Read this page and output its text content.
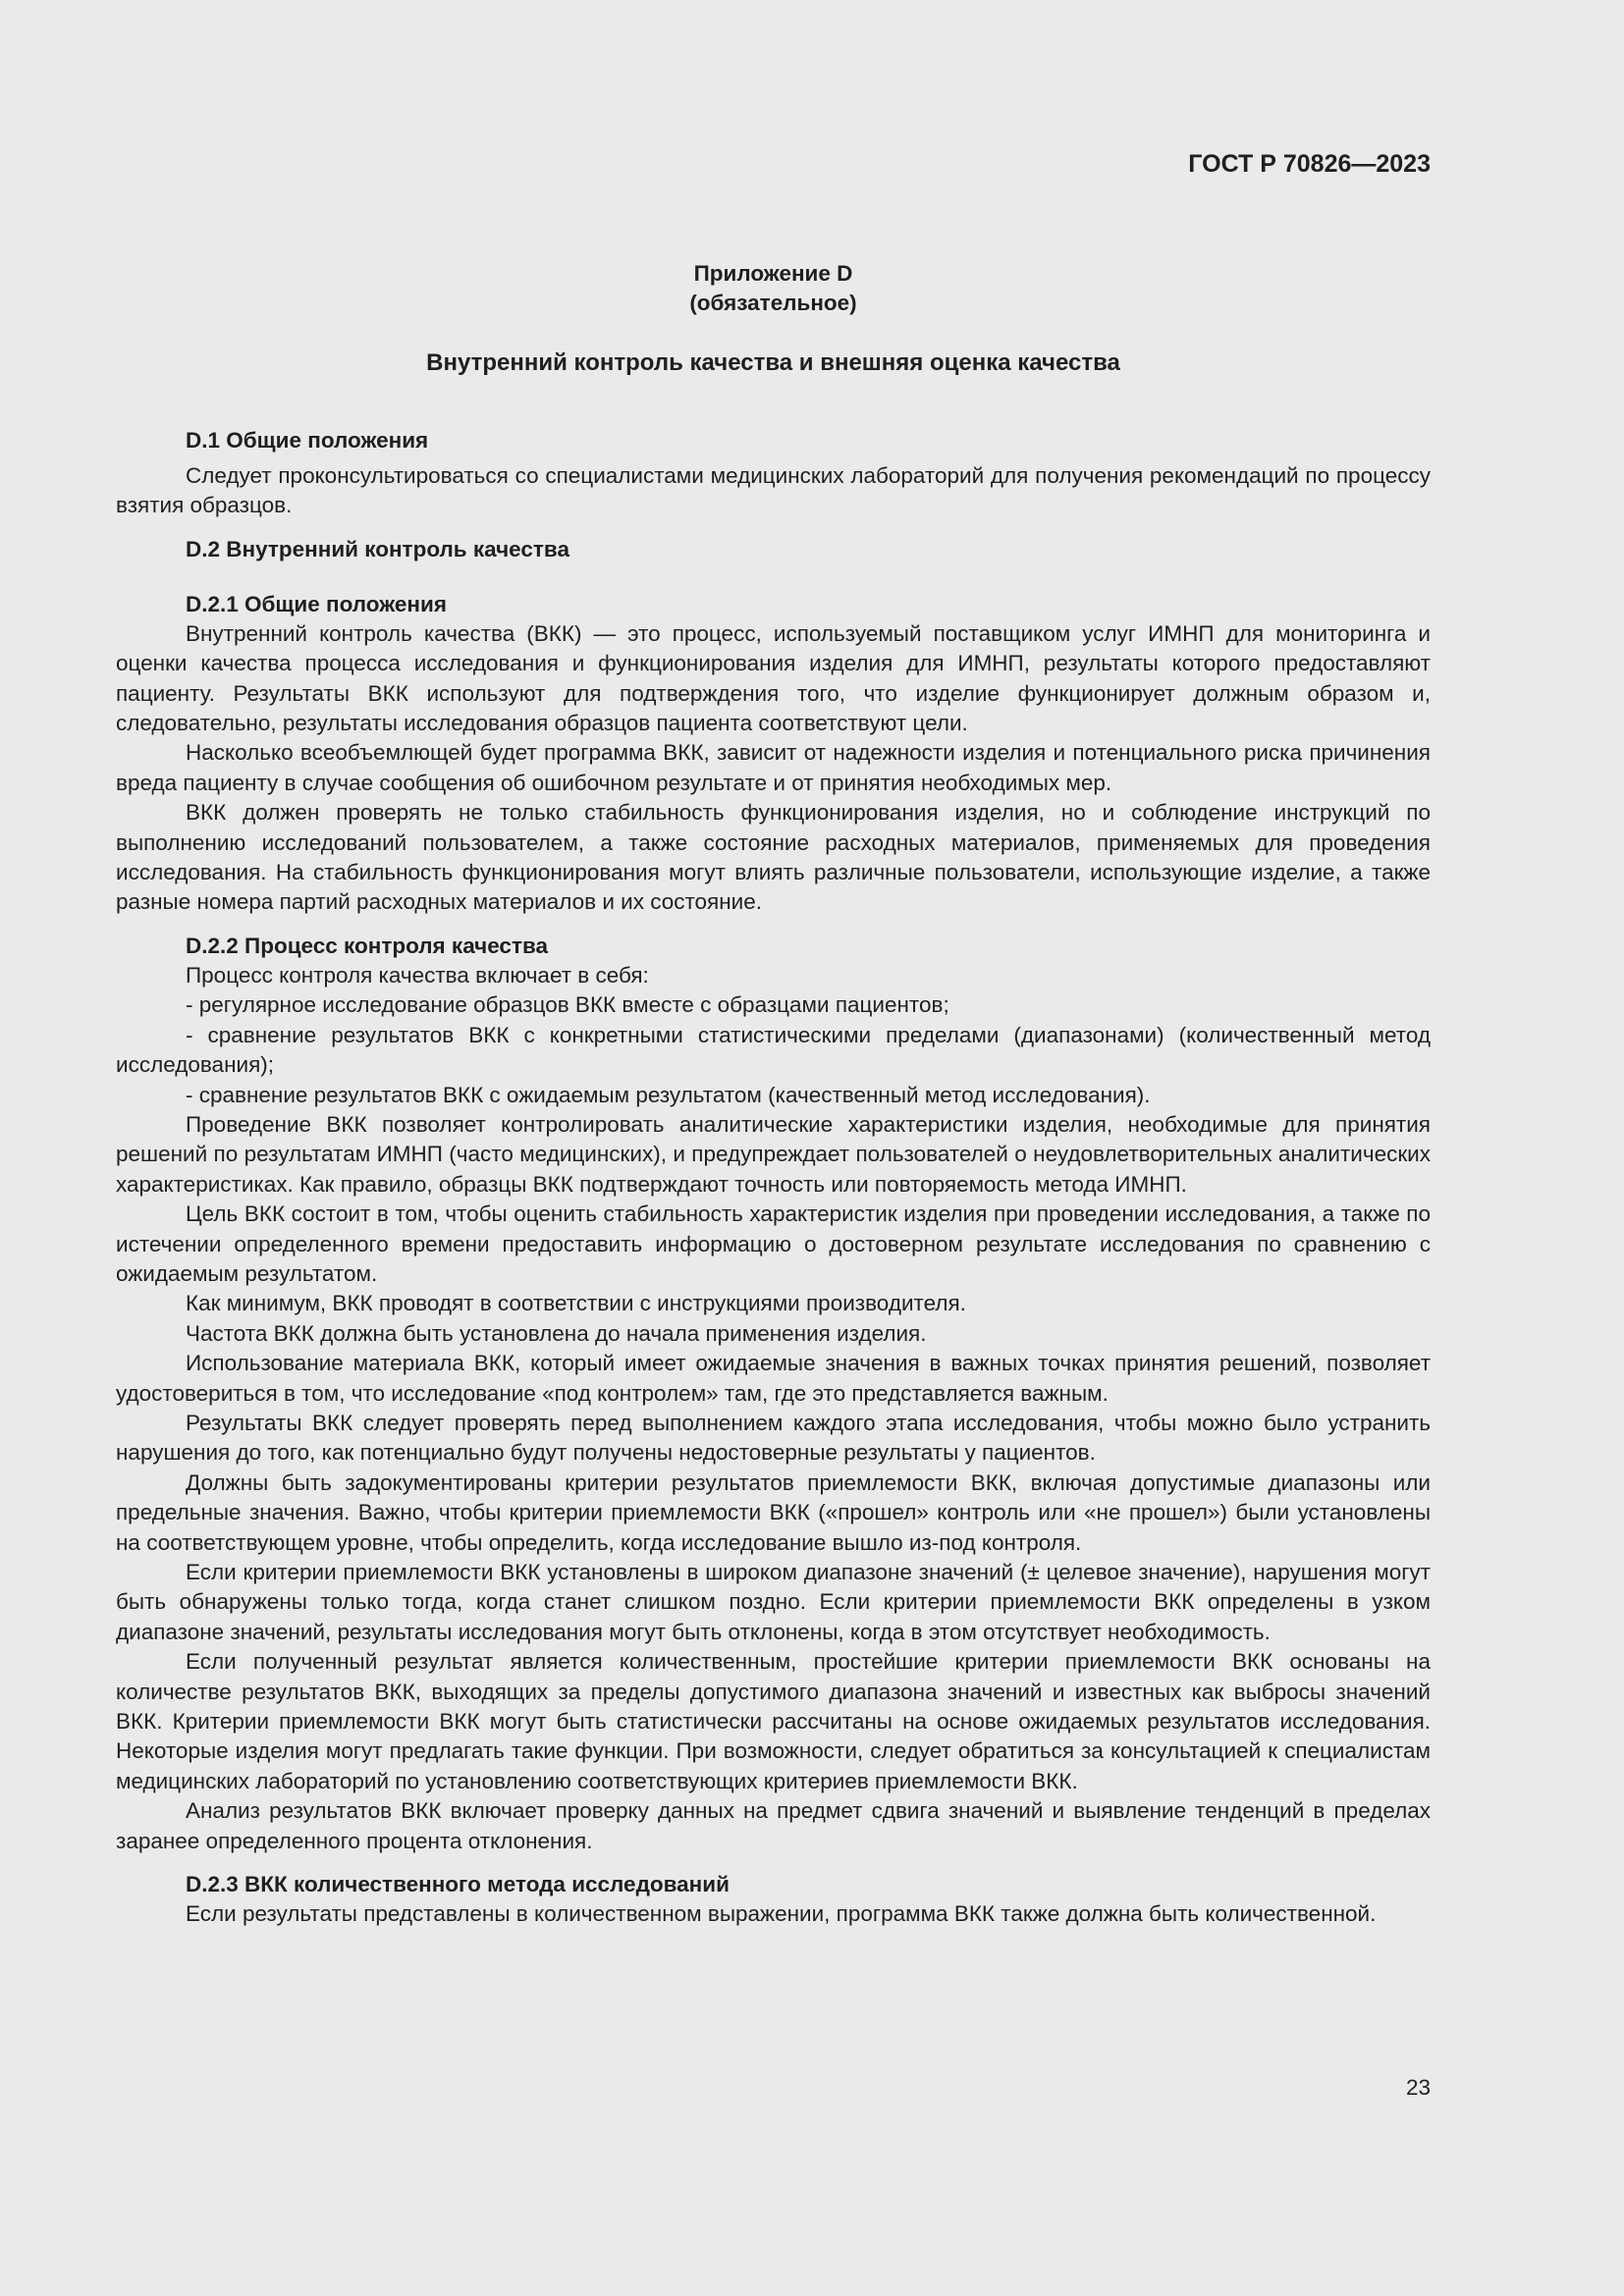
ГОСТ Р 70826—2023

Приложение D

(обязательное)

Внутренний контроль качества и внешняя оценка качества

D.1 Общие положения

Следует проконсультироваться со специалистами медицинских лабораторий для получения рекомендаций по процессу взятия образцов.

D.2 Внутренний контроль качества

D.2.1 Общие положения

Внутренний контроль качества (ВКК) — это процесс, используемый поставщиком услуг ИМНП для мониторинга и оценки качества процесса исследования и функционирования изделия для ИМНП, результаты которого предоставляют пациенту. Результаты ВКК используют для подтверждения того, что изделие функционирует должным образом и, следовательно, результаты исследования образцов пациента соответствуют цели.

Насколько всеобъемлющей будет программа ВКК, зависит от надежности изделия и потенциального риска причинения вреда пациенту в случае сообщения об ошибочном результате и от принятия необходимых мер.

ВКК должен проверять не только стабильность функционирования изделия, но и соблюдение инструкций по выполнению исследований пользователем, а также состояние расходных материалов, применяемых для проведения исследования. На стабильность функционирования могут влиять различные пользователи, использующие изделие, а также разные номера партий расходных материалов и их состояние.

D.2.2 Процесс контроля качества

Процесс контроля качества включает в себя:

- регулярное исследование образцов ВКК вместе с образцами пациентов;

- сравнение результатов ВКК с конкретными статистическими пределами (диапазонами) (количественный метод исследования);

- сравнение результатов ВКК с ожидаемым результатом (качественный метод исследования).

Проведение ВКК позволяет контролировать аналитические характеристики изделия, необходимые для принятия решений по результатам ИМНП (часто медицинских), и предупреждает пользователей о неудовлетворительных аналитических характеристиках. Как правило, образцы ВКК подтверждают точность или повторяемость метода ИМНП.

Цель ВКК состоит в том, чтобы оценить стабильность характеристик изделия при проведении исследования, а также по истечении определенного времени предоставить информацию о достоверном результате исследования по сравнению с ожидаемым результатом.

Как минимум, ВКК проводят в соответствии с инструкциями производителя.

Частота ВКК должна быть установлена до начала применения изделия.

Использование материала ВКК, который имеет ожидаемые значения в важных точках принятия решений, позволяет удостовериться в том, что исследование «под контролем» там, где это представляется важным.

Результаты ВКК следует проверять перед выполнением каждого этапа исследования, чтобы можно было устранить нарушения до того, как потенциально будут получены недостоверные результаты у пациентов.

Должны быть задокументированы критерии результатов приемлемости ВКК, включая допустимые диапазоны или предельные значения. Важно, чтобы критерии приемлемости ВКК («прошел» контроль или «не прошел») были установлены на соответствующем уровне, чтобы определить, когда исследование вышло из-под контроля.

Если критерии приемлемости ВКК установлены в широком диапазоне значений (± целевое значение), нарушения могут быть обнаружены только тогда, когда станет слишком поздно. Если критерии приемлемости ВКК определены в узком диапазоне значений, результаты исследования могут быть отклонены, когда в этом отсутствует необходимость.

Если полученный результат является количественным, простейшие критерии приемлемости ВКК основаны на количестве результатов ВКК, выходящих за пределы допустимого диапазона значений и известных как выбросы значений ВКК. Критерии приемлемости ВКК могут быть статистически рассчитаны на основе ожидаемых результатов исследования. Некоторые изделия могут предлагать такие функции. При возможности, следует обратиться за консультацией к специалистам медицинских лабораторий по установлению соответствующих критериев приемлемости ВКК.

Анализ результатов ВКК включает проверку данных на предмет сдвига значений и выявление тенденций в пределах заранее определенного процента отклонения.

D.2.3 ВКК количественного метода исследований

Если результаты представлены в количественном выражении, программа ВКК также должна быть количественной.

23
